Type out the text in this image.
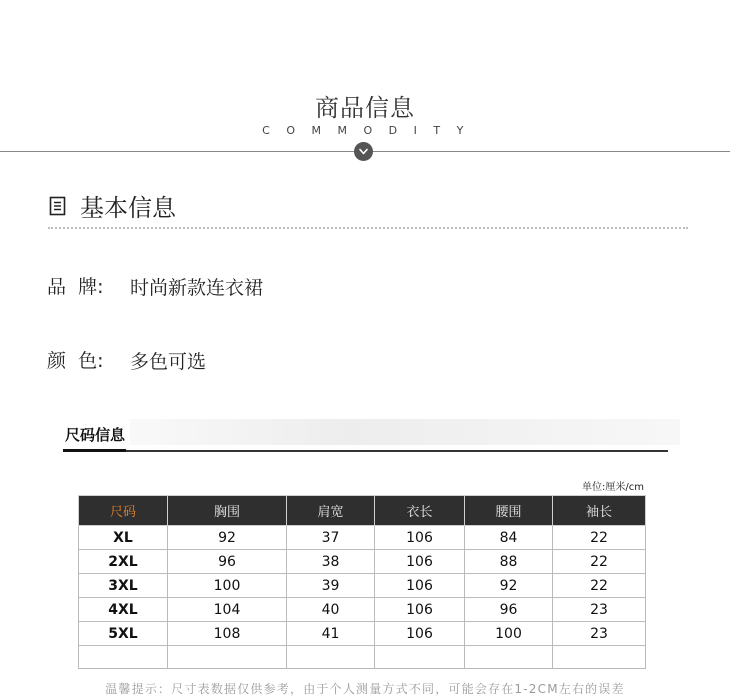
商品信息
COMMODITY
基本信息
品  牌: 时尚新款连衣裙
颜  色: 多色可选
尺码信息
单位:厘米/cm
尺码	胸围	肩宽	衣长	腰围	袖长
XL	92	37	106	84	22
2XL	96	38	106	88	22
3XL	100	39	106	92	22
4XL	104	40	106	96	23
5XL	108	41	106	100	23

温馨提示：尺寸表数据仅供参考，由于个人测量方式不同，可能会存在1-2CM左右的误差
